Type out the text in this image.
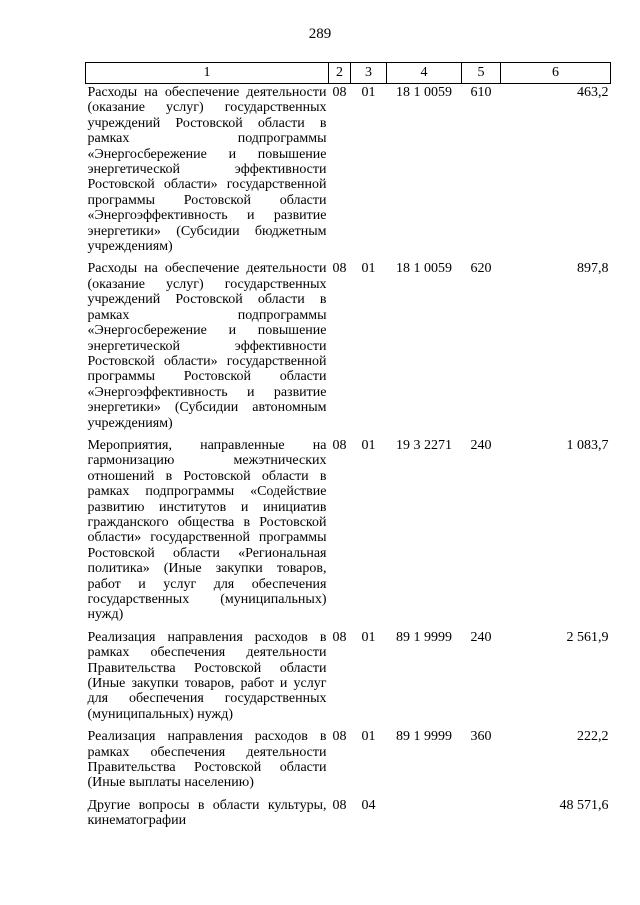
289
1	2	3	4	5	6
Расходы на обеспечение деятельности (оказание услуг) государственных учреждений Ростовской области в рамках подпрограммы «Энергосбережение и повышение энергетической эффективности Ростовской области» государственной программы Ростовской области «Энергоэффективность и развитие энергетики» (Субсидии бюджетным учреждениям)	08	01	18 1 0059	610	463,2
Расходы на обеспечение деятельности (оказание услуг) государственных учреждений Ростовской области в рамках подпрограммы «Энергосбережение и повышение энергетической эффективности Ростовской области» государственной программы Ростовской области «Энергоэффективность и развитие энергетики» (Субсидии автономным учреждениям)	08	01	18 1 0059	620	897,8
Мероприятия, направленные на гармонизацию межэтнических отношений в Ростовской области в рамках подпрограммы «Содействие развитию институтов и инициатив гражданского общества в Ростовской области» государственной программы Ростовской области «Региональная политика» (Иные закупки товаров, работ и услуг для обеспечения государственных (муниципальных) нужд)	08	01	19 3 2271	240	1 083,7
Реализация направления расходов в рамках обеспечения деятельности Правительства Ростовской области (Иные закупки товаров, работ и услуг для обеспечения государственных (муниципальных) нужд)	08	01	89 1 9999	240	2 561,9
Реализация направления расходов в рамках обеспечения деятельности Правительства Ростовской области (Иные выплаты населению)	08	01	89 1 9999	360	222,2
Другие вопросы в области культуры, кинематографии	08	04			48 571,6
